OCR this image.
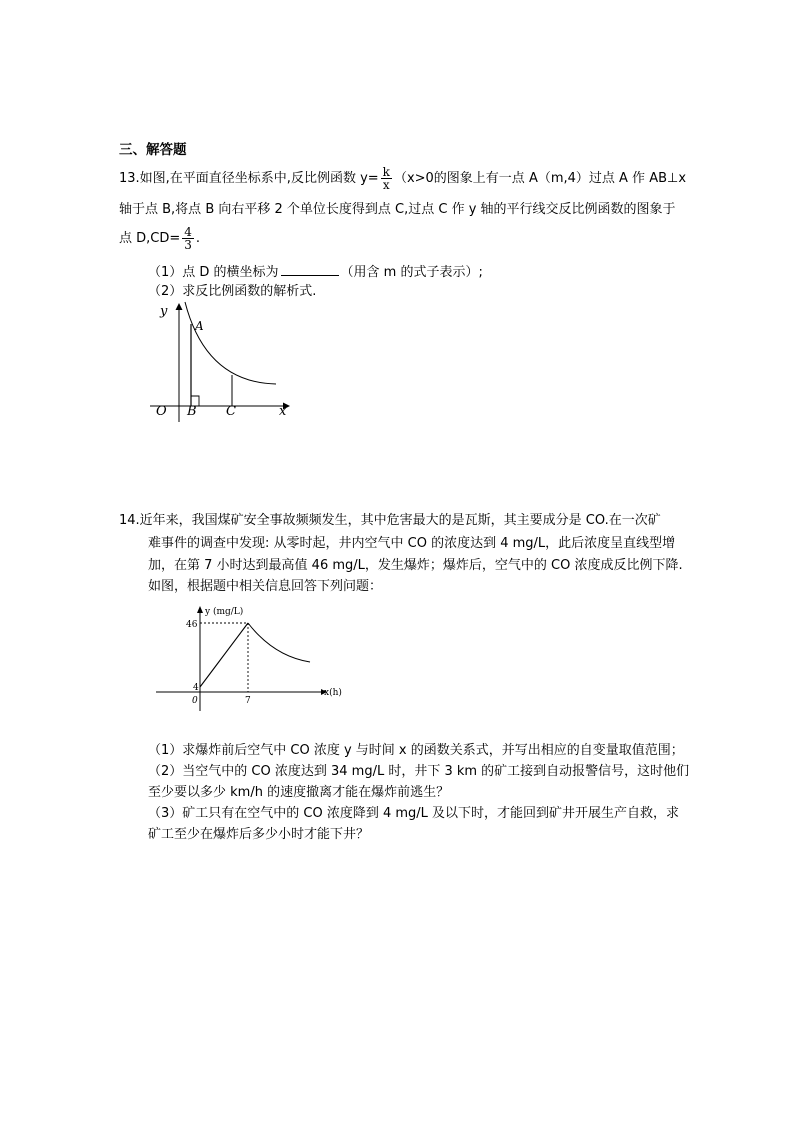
三、解答题
13.如图,在平面直径坐标系中,反比例函数 $y= \frac{k}{x} (x>0$的图象上有一点 A（m,4）过点 A 作 AB⊥x
轴于点 B,将点 B 向右平移 2 个单位长度得到点 C,过点 C 作 y 轴的平行线交反比例函数的图象于
点 $D,CD= \frac{4}{3}$ .
（1）点 D 的横坐标为	（用含 m 的式子表示）;
（2）求反比例函数的解析式.
y
A
O B C	x
14.近年来，我国煤矿安全事故频频发生，其中危害最大的是瓦斯，其主要成分是 CO.在一次矿
难事件的调查中发现: 从零时起，井内空气中 CO 的浓度达到 4 mg/L，此后浓度呈直线型增
加，在第 7 小时达到最高值 46 mg/L，发生爆炸；爆炸后，空气中的 CO 浓度成反比例下降.
如图，根据题中相关信息回答下列问题：
y (mg/L)
46
4
0	7
x(h)
（1）求爆炸前后空气中 CO 浓度 y 与时间 x 的函数关系式，并写出相应的自变量取值范围；
（2）当空气中的 CO 浓度达到 34 mg/L 时，井下 3 km 的矿工接到自动报警信号，这时他们
至少要以多少 km/h 的速度撤离才能在爆炸前逃生？
（3）矿工只有在空气中的 CO 浓度降到 4 mg/L 及以下时，才能回到矿井开展生产自救，求
矿工至少在爆炸后多少小时才能下井？
